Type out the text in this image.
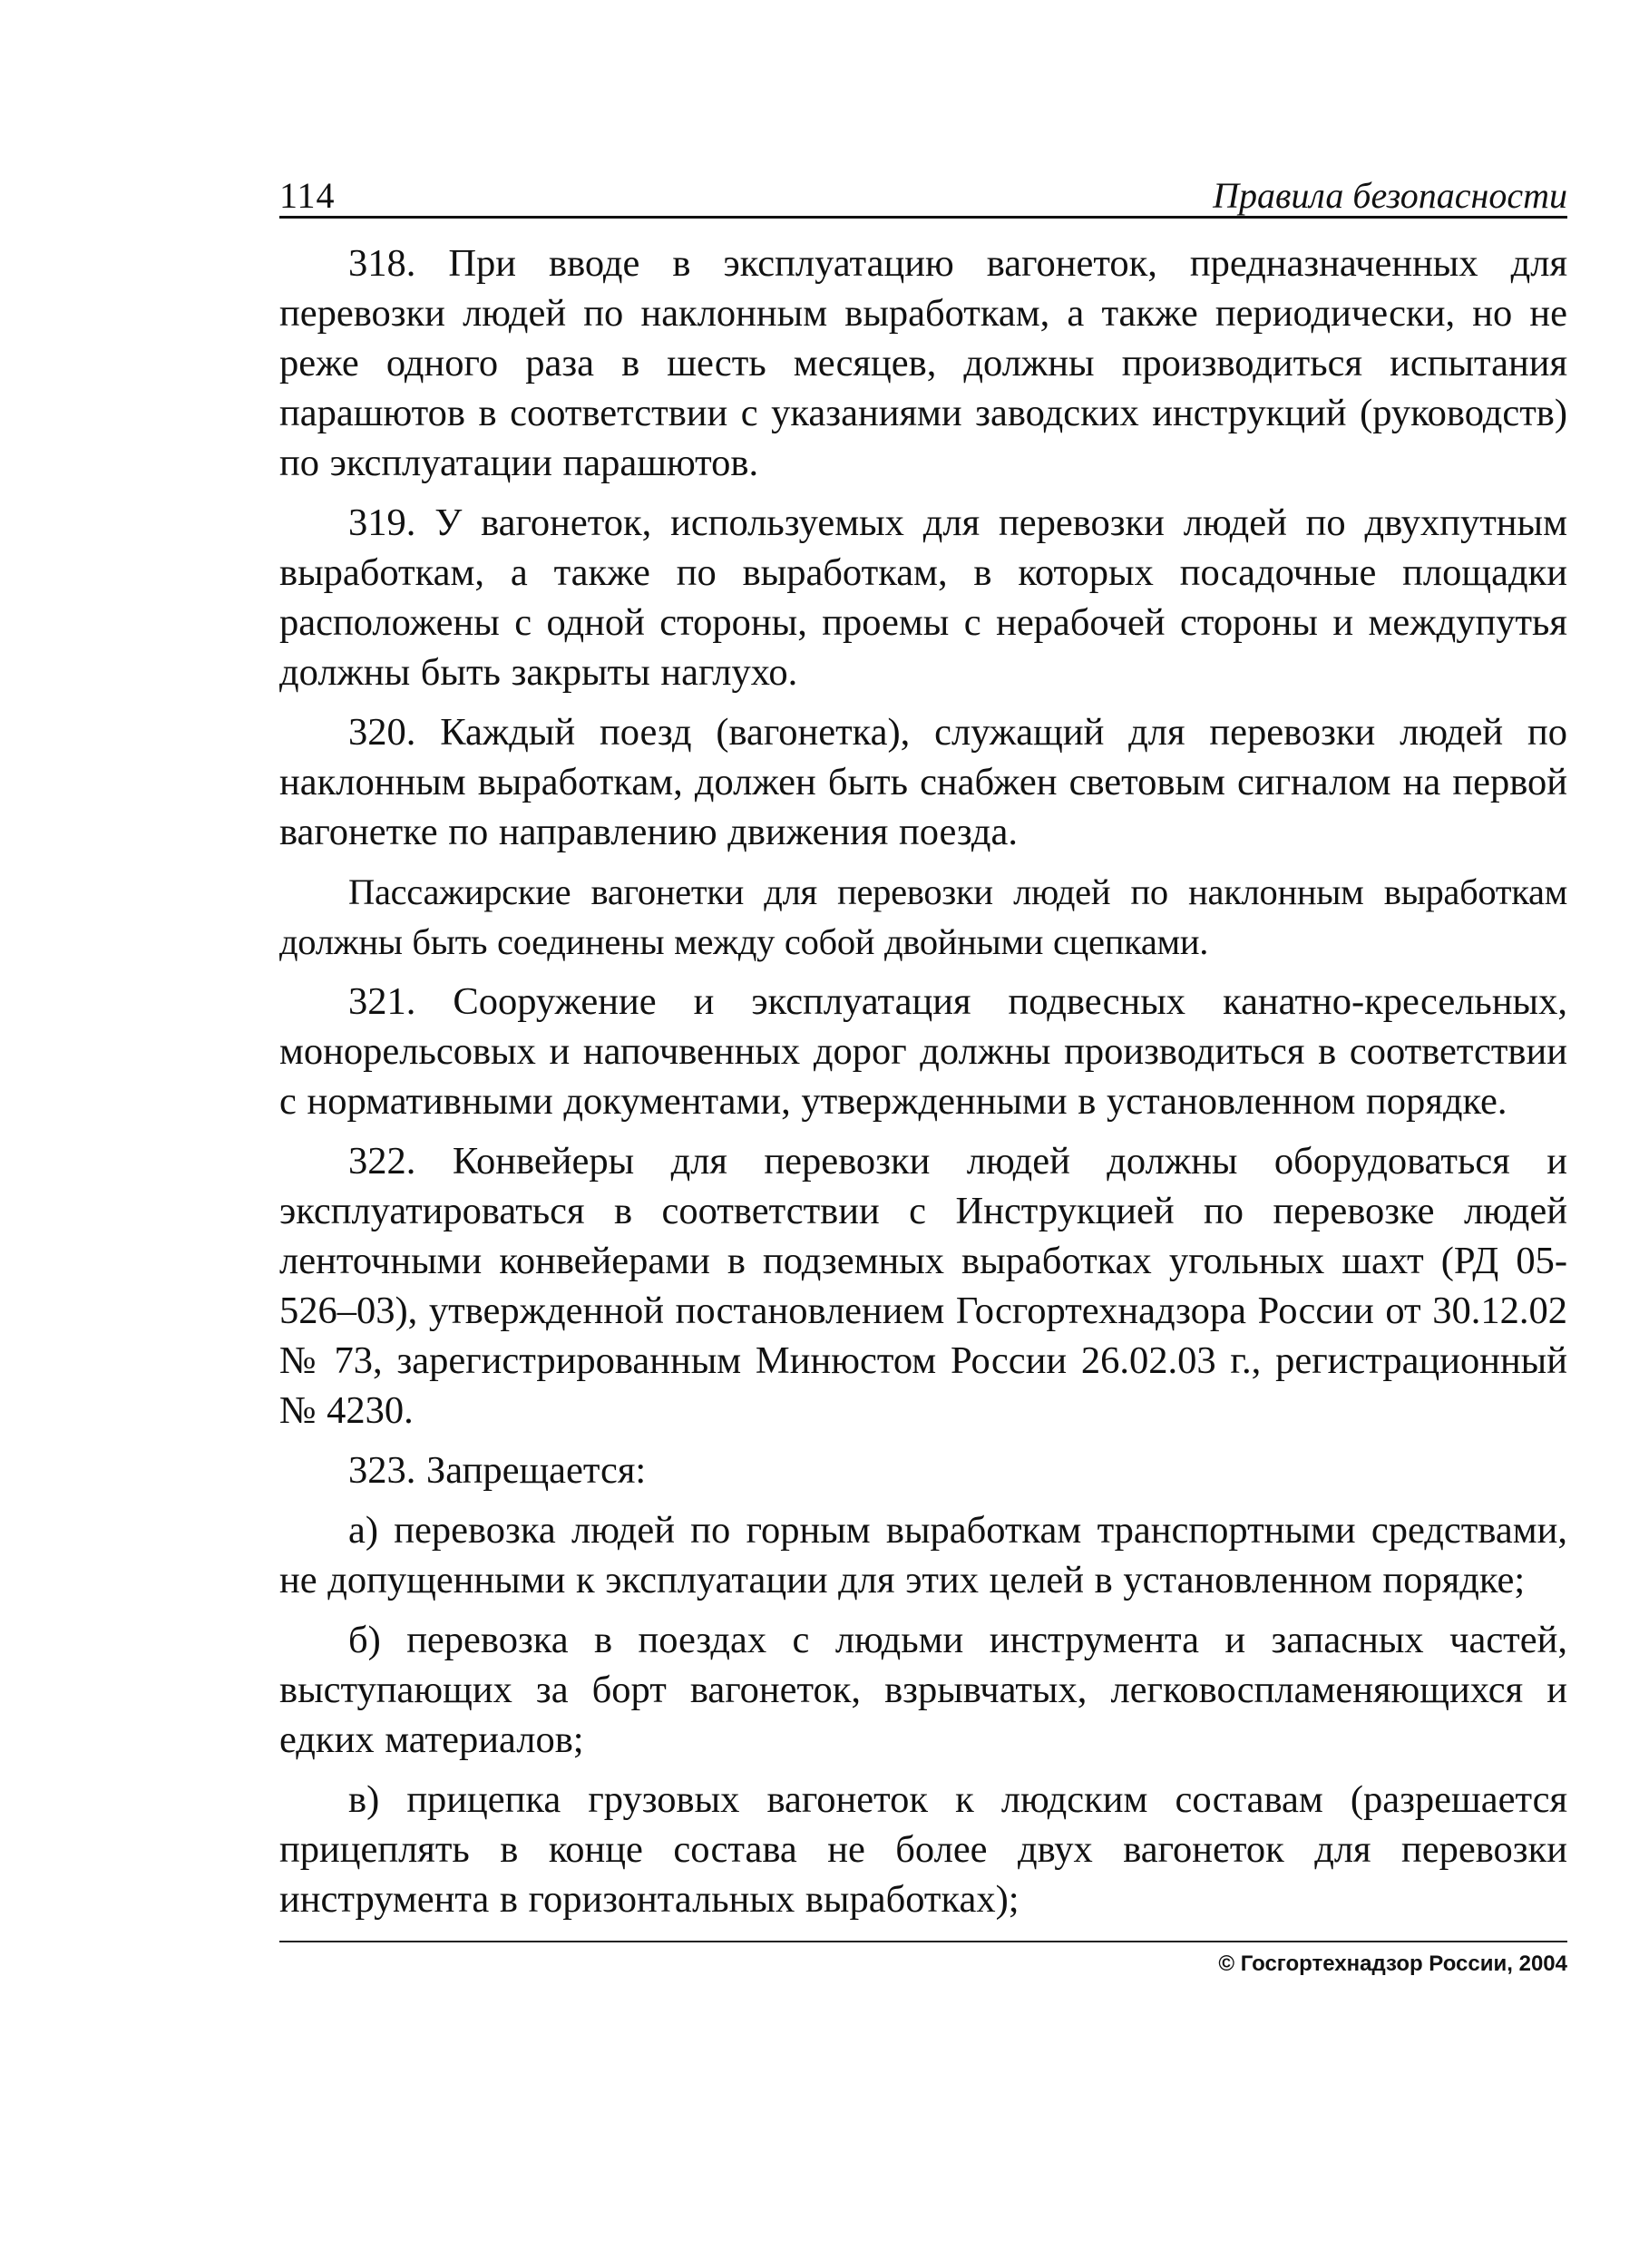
114	Правила безопасности

318. При вводе в эксплуатацию вагонеток, предназначенных для перевозки людей по наклонным выработкам, а также периодически, но не реже одного раза в шесть месяцев, должны производиться испытания парашютов в соответствии с указаниями заводских инструкций (руководств) по эксплуатации парашютов.

319. У вагонеток, используемых для перевозки людей по двухпутным выработкам, а также по выработкам, в которых посадочные площадки расположены с одной стороны, проемы с нерабочей стороны и междупутья должны быть закрыты наглухо.

320. Каждый поезд (вагонетка), служащий для перевозки людей по наклонным выработкам, должен быть снабжен световым сигналом на первой вагонетке по направлению движения поезда.

Пассажирские вагонетки для перевозки людей по наклонным выработкам должны быть соединены между собой двойными сцепками.

321. Сооружение и эксплуатация подвесных канатно-кресельных, монорельсовых и напочвенных дорог должны производиться в соответствии с нормативными документами, утвержденными в установленном порядке.

322. Конвейеры для перевозки людей должны оборудоваться и эксплуатироваться в соответствии с Инструкцией по перевозке людей ленточными конвейерами в подземных выработках угольных шахт (РД 05-526–03), утвержденной постановлением Госгортехнадзора России от 30.12.02 № 73, зарегистрированным Минюстом России 26.02.03 г., регистрационный № 4230.

323. Запрещается:

а) перевозка людей по горным выработкам транспортными средствами, не допущенными к эксплуатации для этих целей в установленном порядке;

б) перевозка в поездах с людьми инструмента и запасных частей, выступающих за борт вагонеток, взрывчатых, легковоспламеняющихся и едких материалов;

в) прицепка грузовых вагонеток к людским составам (разрешается прицеплять в конце состава не более двух вагонеток для перевозки инструмента в горизонтальных выработках);

© Госгортехнадзор России, 2004
